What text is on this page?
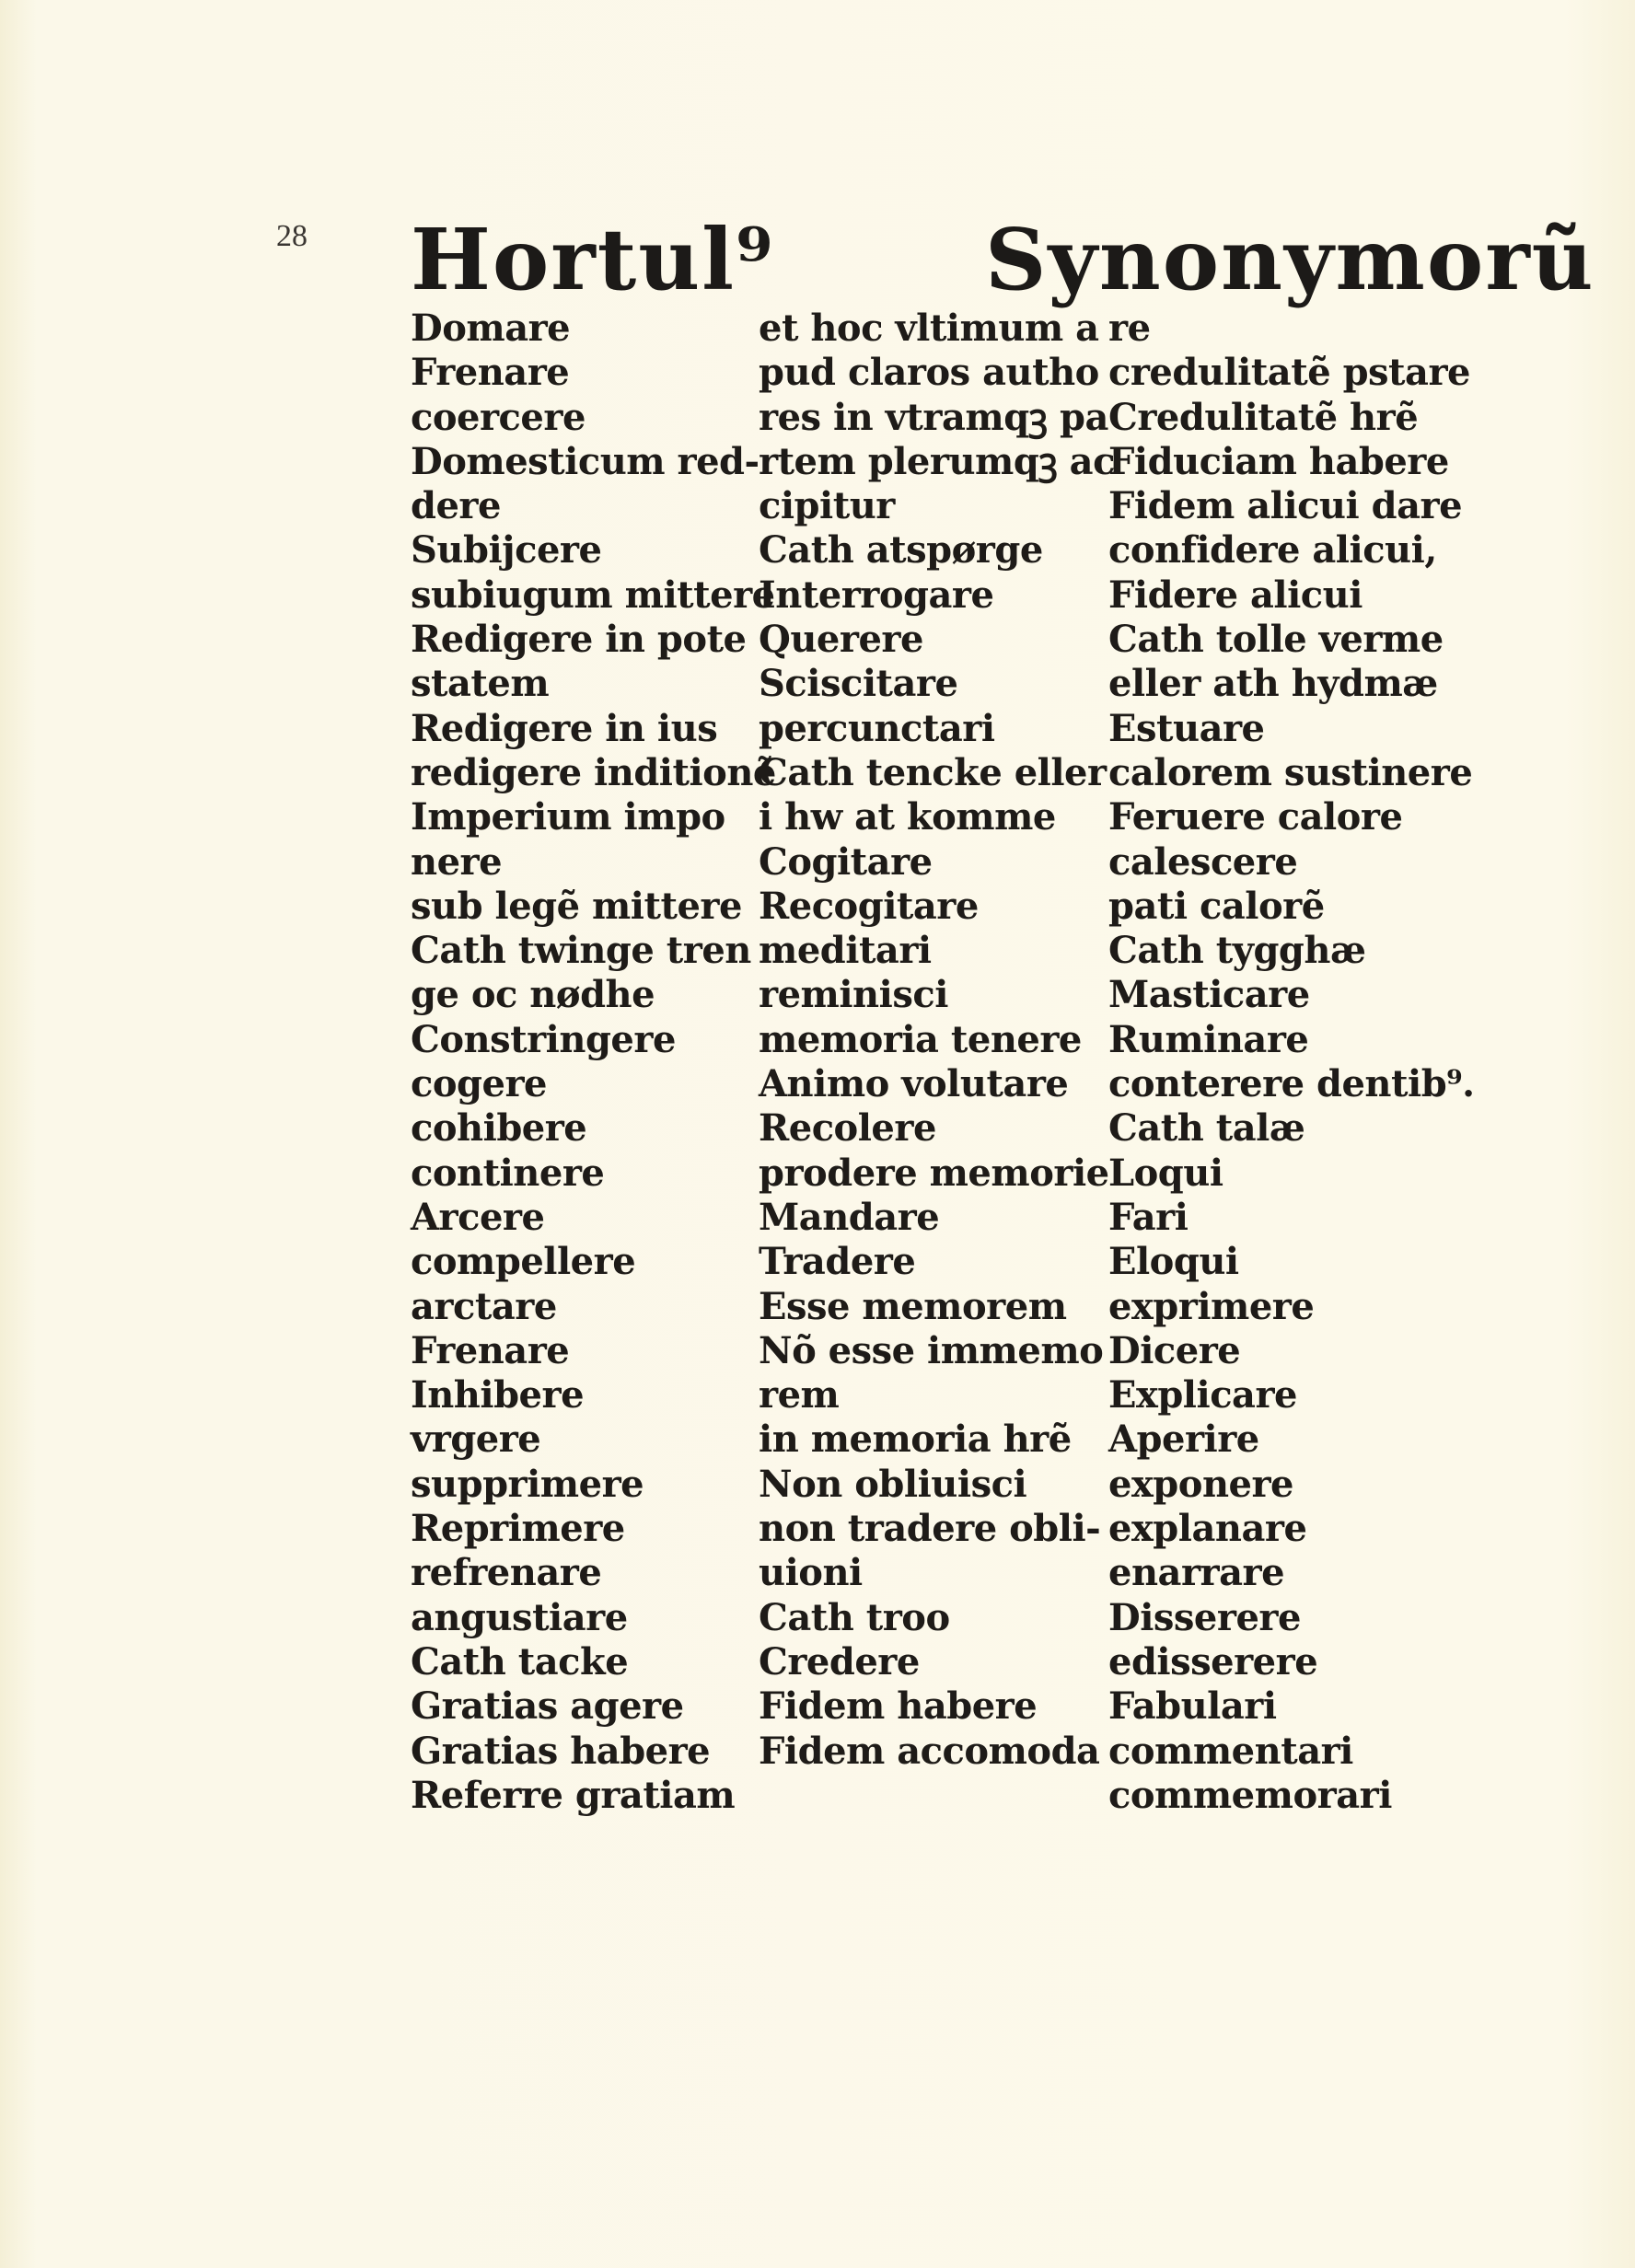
28 Hortul⁹ Synonymorũ
Domare
Frenare
coercere
Domesticum red-
dere
Subijcere
subiugum mittere
Redigere in pote
statem
Redigere in ius
redigere inditionẽ
Imperium impo
nere
sub legẽ mittere
Cath twinge tren
ge oc nødhe
Constringere
cogere
cohibere
continere
Arcere
compellere
arctare
Frenare
Inhibere
vrgere
supprimere
Reprimere
refrenare
angustiare
Cath tacke
Gratias agere
Gratias habere
Referre gratiam
et hoc vltimum a
pud claros autho
res in vtramqꝫ pa
rtem plerumqꝫ ac
cipitur
Cath atspørge
Interrogare
Querere
Sciscitare
percunctari
Cath tencke eller
i hw at komme
Cogitare
Recogitare
meditari
reminisci
memoria tenere
Animo volutare
Recolere
prodere memorie
Mandare
Tradere
Esse memorem
Nõ esse immemo
rem
in memoria hrẽ
Non obliuisci
non tradere obli-
uioni
Cath troo
Credere
Fidem habere
Fidem accomoda
re
credulitatẽ pstare
Credulitatẽ hrẽ
Fiduciam habere
Fidem alicui dare
confidere alicui,
Fidere alicui
Cath tolle verme
eller ath hydmæ
Estuare
calorem sustinere
Feruere calore
calescere
pati calorẽ
Cath tygghæ
Masticare
Ruminare
conterere dentib⁹.
Cath talæ
Loqui
Fari
Eloqui
exprimere
Dicere
Explicare
Aperire
exponere
explanare
enarrare
Disserere
edisserere
Fabulari
commentari
commemorari
